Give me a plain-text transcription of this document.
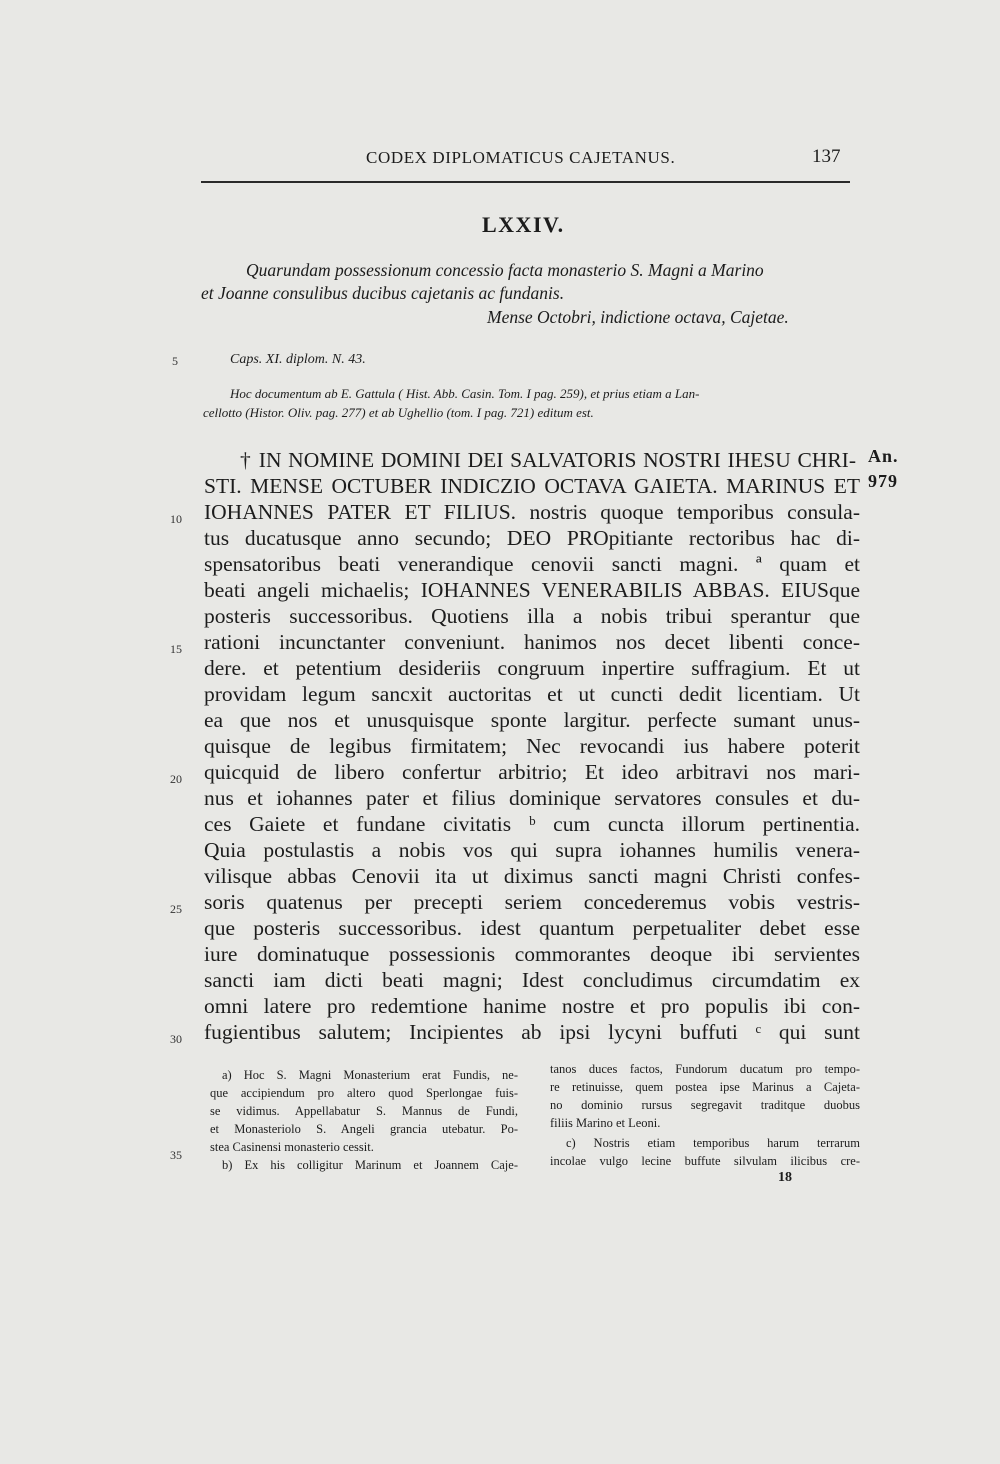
CODEX DIPLOMATICUS CAJETANUS.	137
LXXIV.
Quarundam possessionum concessio facta monasterio S. Magni a Marino
et Joanne consulibus ducibus cajetanis ac fundanis.
Mense Octobri, indictione octava, Cajetae.
Caps. XI. diplom. N. 43.
Hoc documentum ab E. Gattula ( Hist. Abb. Casin. Tom. I pag. 259), et prius etiam a Lan-
cellotto (Histor. Oliv. pag. 277) et ab Ughellio (tom. I pag. 721) editum est.
5
10
15
20
25
30
35
An.
979
† IN NOMINE DOMINI DEI SALVATORIS NOSTRI IHESU CHRI-
STI. MENSE OCTUBER INDICZIO OCTAVA GAIETA. MARINUS ET
IOHANNES PATER ET FILIUS. nostris quoque temporibus consula-
tus ducatusque anno secundo; DEO PROpitiante rectoribus hac di-
spensatoribus beati venerandique cenovii sancti magni. ª quam et
beati angeli michaelis; IOHANNES VENERABILIS ABBAS. EIUSque
posteris successoribus. Quotiens illa a nobis tribui sperantur que
rationi incunctanter conveniunt. hanimos nos decet libenti conce-
dere. et petentium desideriis congruum inpertire suffragium. Et ut
providam legum sancxit auctoritas et ut cuncti dedit licentiam. Ut
ea que nos et unusquisque sponte largitur. perfecte sumant unus-
quisque de legibus firmitatem; Nec revocandi ius habere poterit
quicquid de libero confertur arbitrio; Et ideo arbitravi nos mari-
nus et iohannes pater et filius dominique servatores consules et du-
ces Gaiete et fundane civitatis ᵇ cum cuncta illorum pertinentia.
Quia postulastis a nobis vos qui supra iohannes humilis venera-
vilisque abbas Cenovii ita ut diximus sancti magni Christi confes-
soris quatenus per precepti seriem concederemus vobis vestris-
que posteris successoribus. idest quantum perpetualiter debet esse
iure dominatuque possessionis commorantes deoque ibi servientes
sancti iam dicti beati magni; Idest concludimus circumdatim ex
omni latere pro redemtione hanime nostre et pro populis ibi con-
fugientibus salutem; Incipientes ab ipsi lycyni buffuti ᶜ qui sunt
a) Hoc S. Magni Monasterium erat Fundis, ne-
que accipiendum pro altero quod Sperlongae fuis-
se vidimus. Appellabatur S. Mannus de Fundi,
et Monasteriolo S. Angeli grancia utebatur. Po-
stea Casinensi monasterio cessit.
b) Ex his colligitur Marinum et Joannem Caje-
tanos duces factos, Fundorum ducatum pro tempo-
re retinuisse, quem postea ipse Marinus a Cajeta-
no dominio rursus segregavit traditque duobus
filiis Marino et Leoni.
c) Nostris etiam temporibus harum terrarum
incolae vulgo lecine buffute silvulam ilicibus cre-
18
